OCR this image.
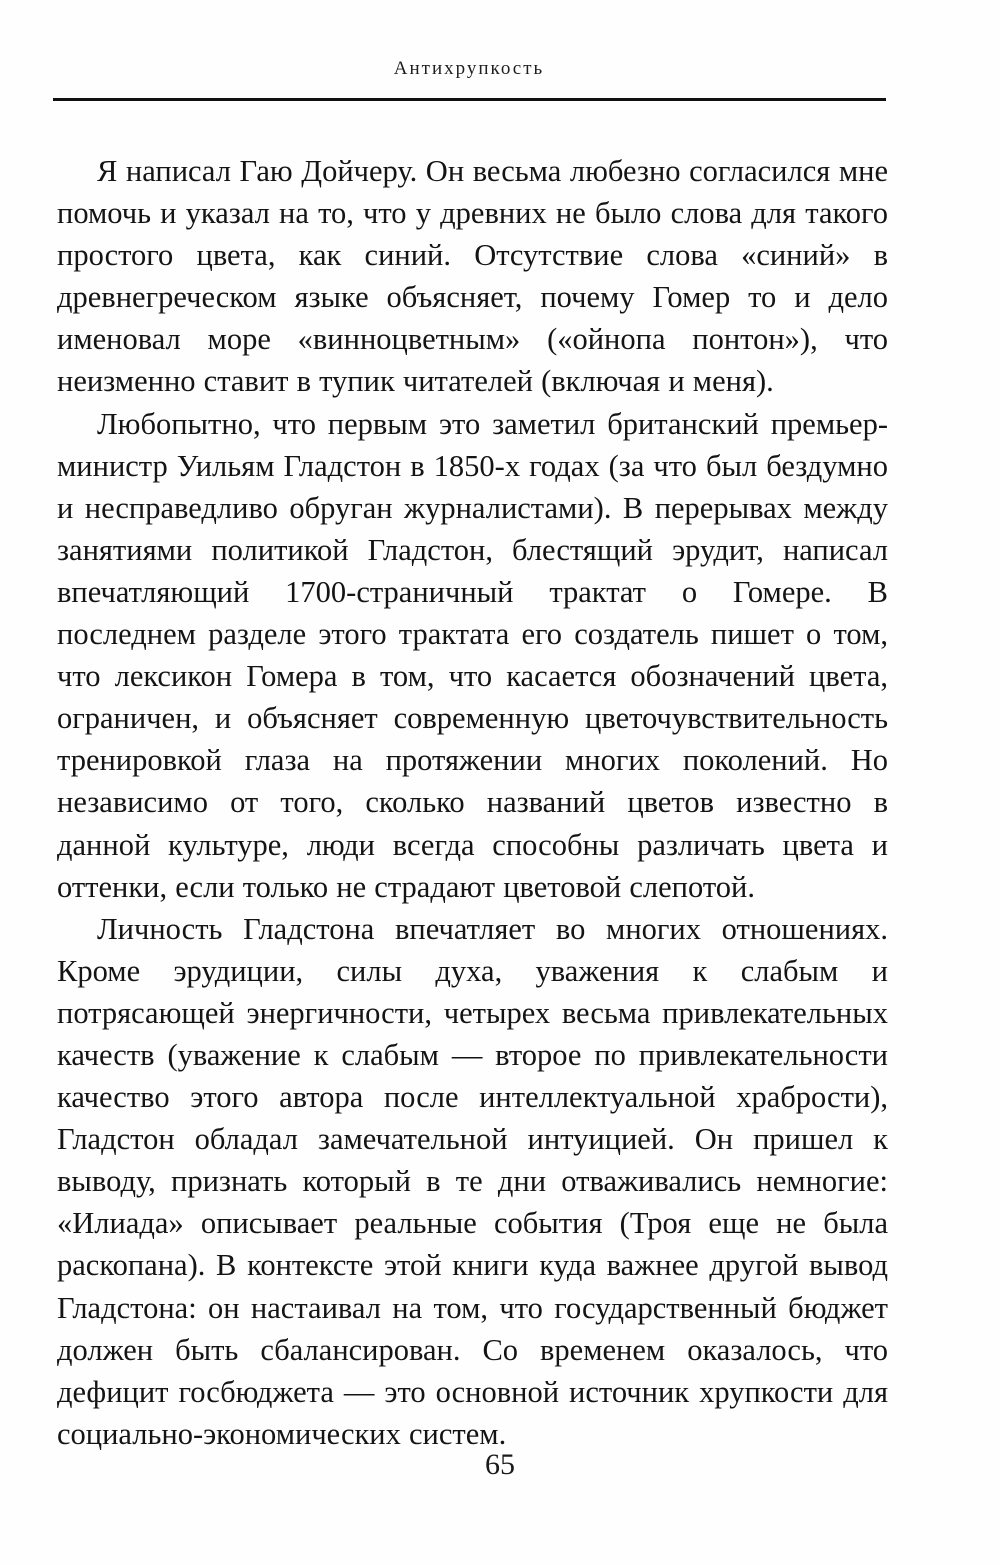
Антихрупкость

Я написал Гаю Дойчеру. Он весьма любезно согласился мне помочь и указал на то, что у древних не было слова для такого простого цвета, как синий. Отсутствие слова «синий» в древнегреческом языке объясняет, почему Гомер то и дело именовал море «винноцветным» («ойнопа понтон»), что неизменно ставит в тупик читателей (включая и меня).

Любопытно, что первым это заметил британский премьер-министр Уильям Гладстон в 1850-х годах (за что был бездумно и несправедливо обруган журналистами). В перерывах между занятиями политикой Гладстон, блестящий эрудит, написал впечатляющий 1700-страничный трактат о Гомере. В последнем разделе этого трактата его создатель пишет о том, что лексикон Гомера в том, что касается обозначений цвета, ограничен, и объясняет современную цветочувствительность тренировкой глаза на протяжении многих поколений. Но независимо от того, сколько названий цветов известно в данной культуре, люди всегда способны различать цвета и оттенки, если только не страдают цветовой слепотой.

Личность Гладстона впечатляет во многих отношениях. Кроме эрудиции, силы духа, уважения к слабым и потрясающей энергичности, четырех весьма привлекательных качеств (уважение к слабым — второе по привлекательности качество этого автора после интеллектуальной храбрости), Гладстон обладал замечательной интуицией. Он пришел к выводу, признать который в те дни отваживались немногие: «Илиада» описывает реальные события (Троя еще не была раскопана). В контексте этой книги куда важнее другой вывод Гладстона: он настаивал на том, что государственный бюджет должен быть сбалансирован. Со временем оказалось, что дефицит госбюджета — это основной источник хрупкости для социально-экономических систем.

65
